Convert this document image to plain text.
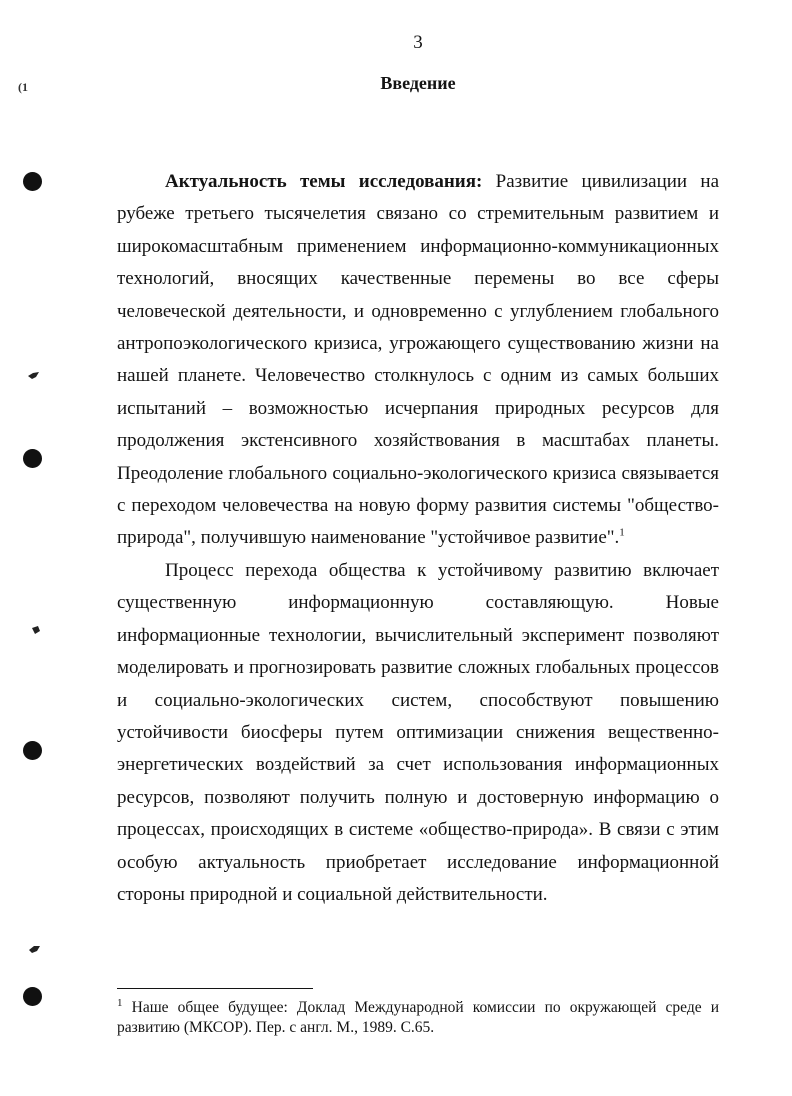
3
(1	Введение

Актуальность темы исследования: Развитие цивилизации на рубеже третьего тысячелетия связано со стремительным развитием и широкомасштабным применением информационно-коммуникационных технологий, вносящих качественные перемены во все сферы человеческой деятельности, и одновременно с углублением глобального антропоэкологического кризиса, угрожающего существованию жизни на нашей планете. Человечество столкнулось с одним из самых больших испытаний – возможностью исчерпания природных ресурсов для продолжения экстенсивного хозяйствования в масштабах планеты. Преодоление глобального социально-экологического кризиса связывается с переходом человечества на новую форму развития системы "общество-природа", получившую наименование "устойчивое развитие".$^1$

Процесс перехода общества к устойчивому развитию включает существенную информационную составляющую. Новые информационные технологии, вычислительный эксперимент позволяют моделировать и прогнозировать развитие сложных глобальных процессов и социально-экологических систем, способствуют повышению устойчивости биосферы путем оптимизации снижения вещественно-энергетических воздействий за счет использования информационных ресурсов, позволяют получить полную и достоверную информацию о процессах, происходящих в системе «общество-природа». В связи с этим особую актуальность приобретает исследование информационной стороны природной и социальной действительности.

$^1$ Наше общее будущее: Доклад Международной комиссии по окружающей среде и развитию (МКСОР). Пер. с англ. М., 1989. С.65.
